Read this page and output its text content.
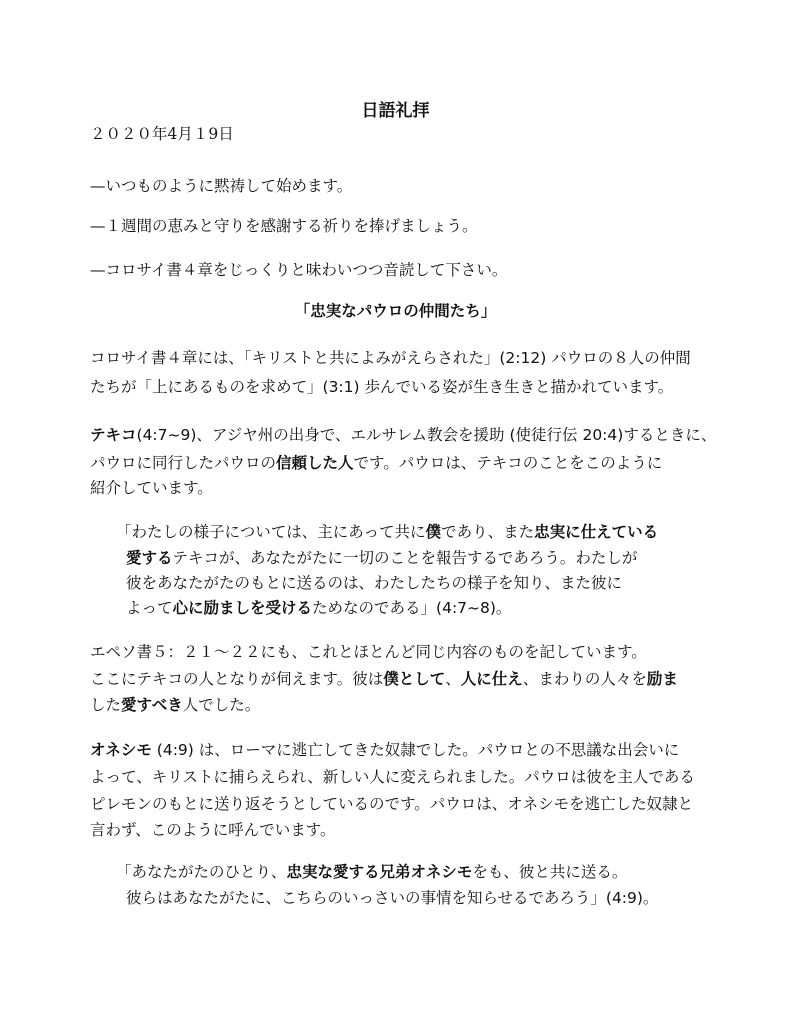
日語礼拝
２０２０年4月１9日
—いつものように黙祷して始めます。
—１週間の恵みと守りを感謝する祈りを捧げましょう。
—コロサイ書４章をじっくりと味わいつつ音読して下さい。
「忠実なパウロの仲間たち」
コロサイ書４章には、「キリストと共によみがえらされた」(2:12) パウロの８人の仲間
たちが「上にあるものを求めて」(3:1) 歩んでいる姿が生き生きと描かれています。
テキコ(4:7~9)、アジヤ州の出身で、エルサレム教会を援助 (使徒行伝 20:4)するときに、
パウロに同行したパウロの信頼した人です。パウロは、テキコのことをこのように
紹介しています。
「わたしの様子については、主にあって共に僕であり、また忠実に仕えている
愛するテキコが、あなたがたに一切のことを報告するであろう。わたしが
彼をあなたがたのもとに送るのは、わたしたちの様子を知り、また彼に
よって心に励ましを受けるためなのである」(4:7~8)。
エペソ書５：２１～２２にも、これとほとんど同じ内容のものを記しています。
ここにテキコの人となりが伺えます。彼は僕として、人に仕え、まわりの人々を励ま
した愛すべき人でした。
オネシモ (4:9) は、ローマに逃亡してきた奴隷でした。パウロとの不思議な出会いに
よって、キリストに捕らえられ、新しい人に変えられました。パウロは彼を主人である
ピレモンのもとに送り返そうとしているのです。パウロは、オネシモを逃亡した奴隷と
言わず、このように呼んでいます。
「あなたがたのひとり、忠実な愛する兄弟オネシモをも、彼と共に送る。
彼らはあなたがたに、こちらのいっさいの事情を知らせるであろう」(4:9)。
